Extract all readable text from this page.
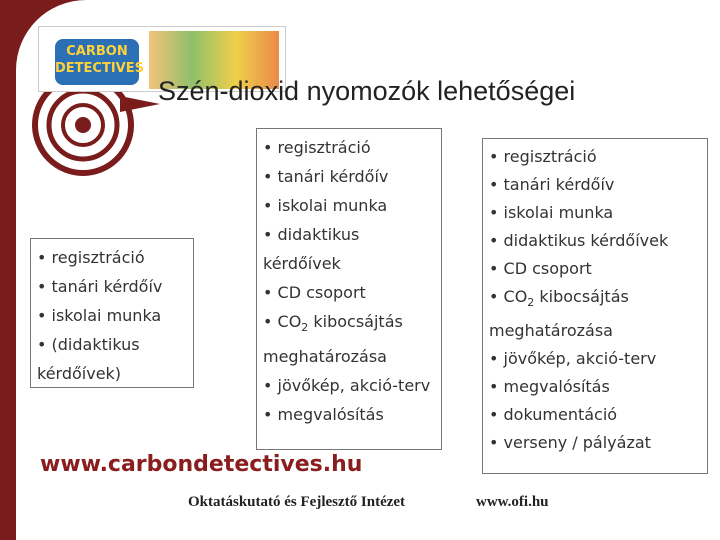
CARBON DETECTIVES
Szén-dioxid nyomozók lehetőségei
• regisztráció
• tanári kérdőív
• iskolai munka
• (didaktikus kérdőívek)
• regisztráció
• tanári kérdőív
• iskolai munka
• didaktikus kérdőívek
• CD csoport
• $CO_2$ kibocsájtás meghatározása
• jövőkép, akció-terv
• megvalósítás
• regisztráció
• tanári kérdőív
• iskolai munka
• didaktikus kérdőívek
• CD csoport
• $CO_2$ kibocsájtás meghatározása
• jövőkép, akció-terv
• megvalósítás
• dokumentáció
• verseny / pályázat
www.carbondetectives.hu
Oktatáskutató és Fejlesztő Intézet	www.ofi.hu
